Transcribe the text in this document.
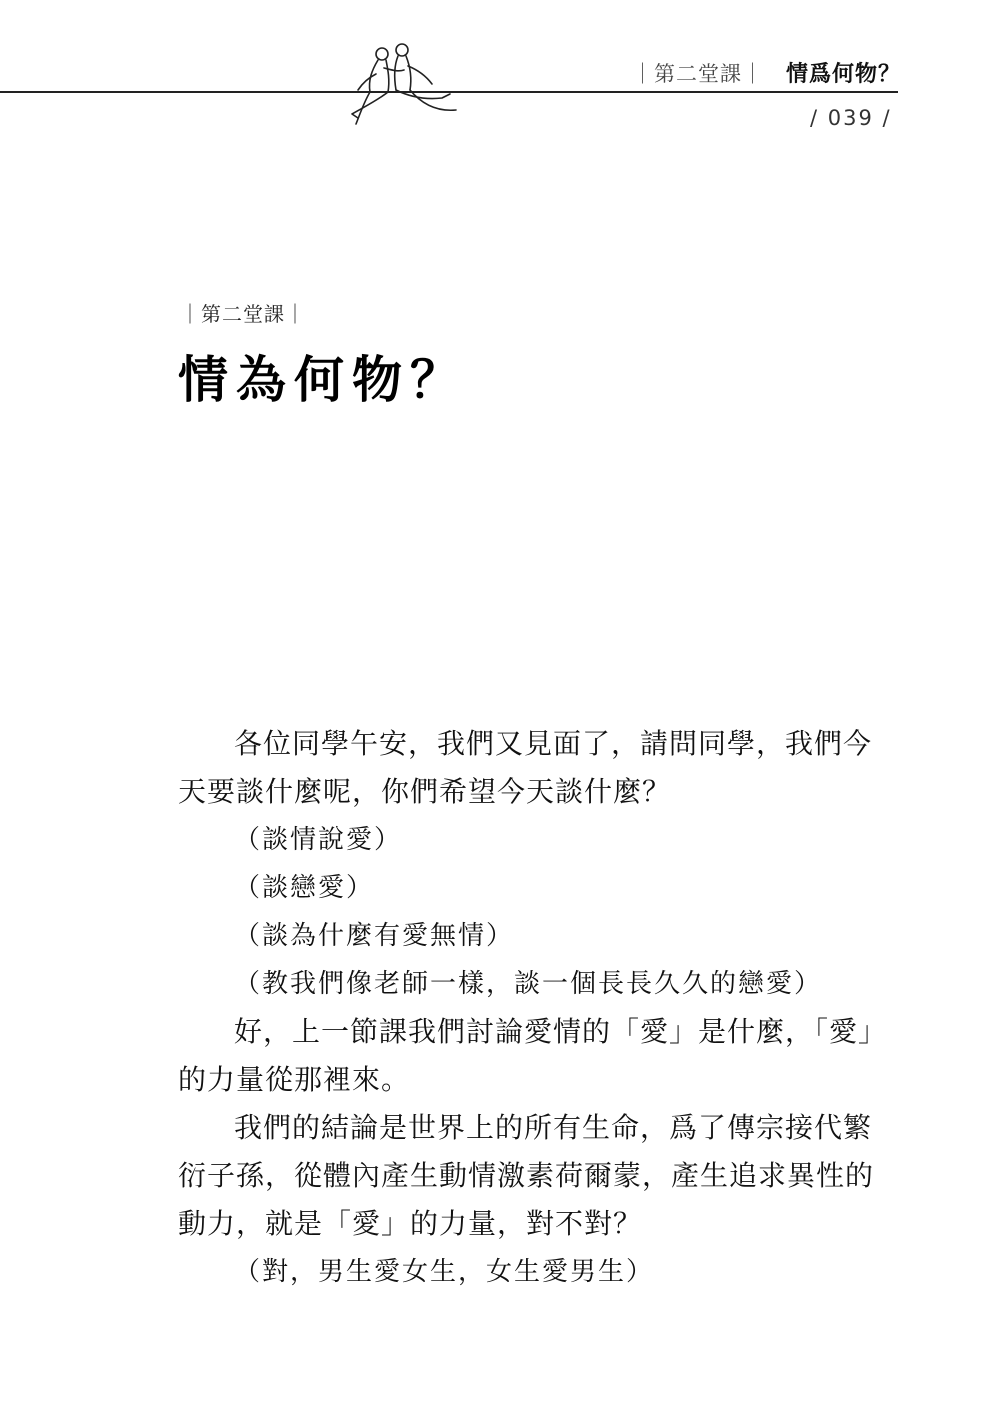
｜第二堂課｜ 情爲何物？
/ 039 /
｜第二堂課｜
情為何物？

各位同學午安，我們又見面了，請問同學，我們今天要談什麼呢，你們希望今天談什麼？

（談情說愛）

（談戀愛）

（談為什麼有愛無情）

（教我們像老師一樣，談一個長長久久的戀愛）

好，上一節課我們討論愛情的「愛」是什麼，「愛」的力量從那裡來。

我們的結論是世界上的所有生命，爲了傳宗接代繁衍子孫，從體內產生動情激素荷爾蒙，產生追求異性的動力，就是「愛」的力量，對不對？

（對，男生愛女生，女生愛男生）
